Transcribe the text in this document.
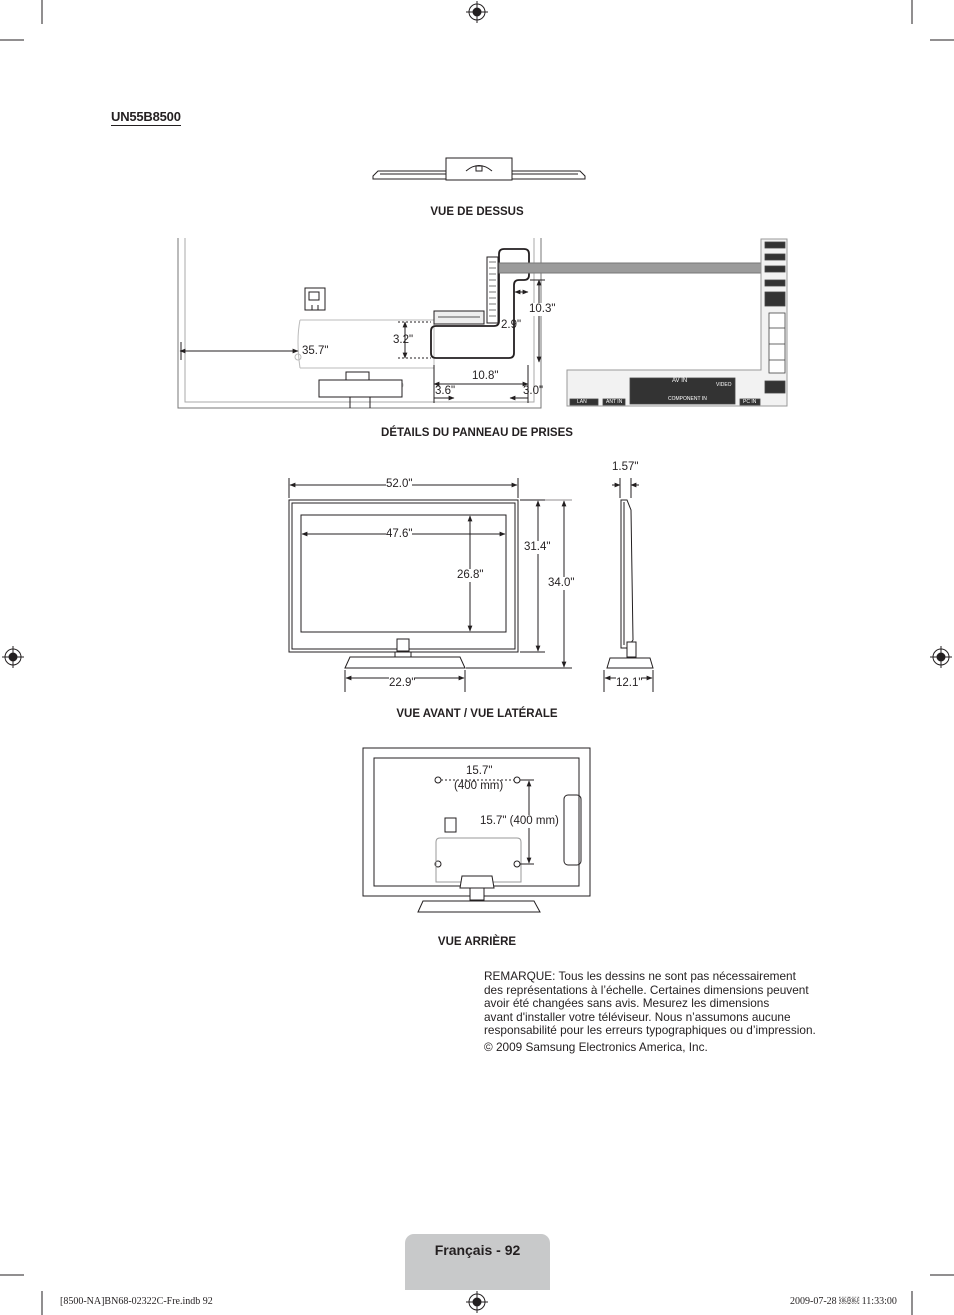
UN55B8500
VUE DE DESSUS
DÉTAILS DU PANNEAU DE PRISES
VUE AVANT / VUE LATÉRALE
VUE ARRIÈRE
35.7"
3.2"
10.3"
2.9"
10.8"
3.6"	3.0"
AV IN
COMPONENT IN
VIDEO
LAN	ANT IN	PC IN
52.0"
47.6"
26.8"
31.4"
34.0"
22.9"
1.57"
12.1"
15.7"
(400 mm)
15.7" (400 mm)

REMARQUE: Tous les dessins ne sont pas nécessairement

des représentations à l’échelle. Certaines dimensions peuvent

avoir été changées sans avis. Mesurez les dimensions

avant d'installer votre téléviseur. Nous n’assumons aucune

responsabilité pour les erreurs typographiques ou d’impression.

© 2009 Samsung Electronics America, Inc.

Français - 92
[8500-NA]BN68-02322C-Fre.indb 92	2009-07-28 ￼￼ 11:33:00
